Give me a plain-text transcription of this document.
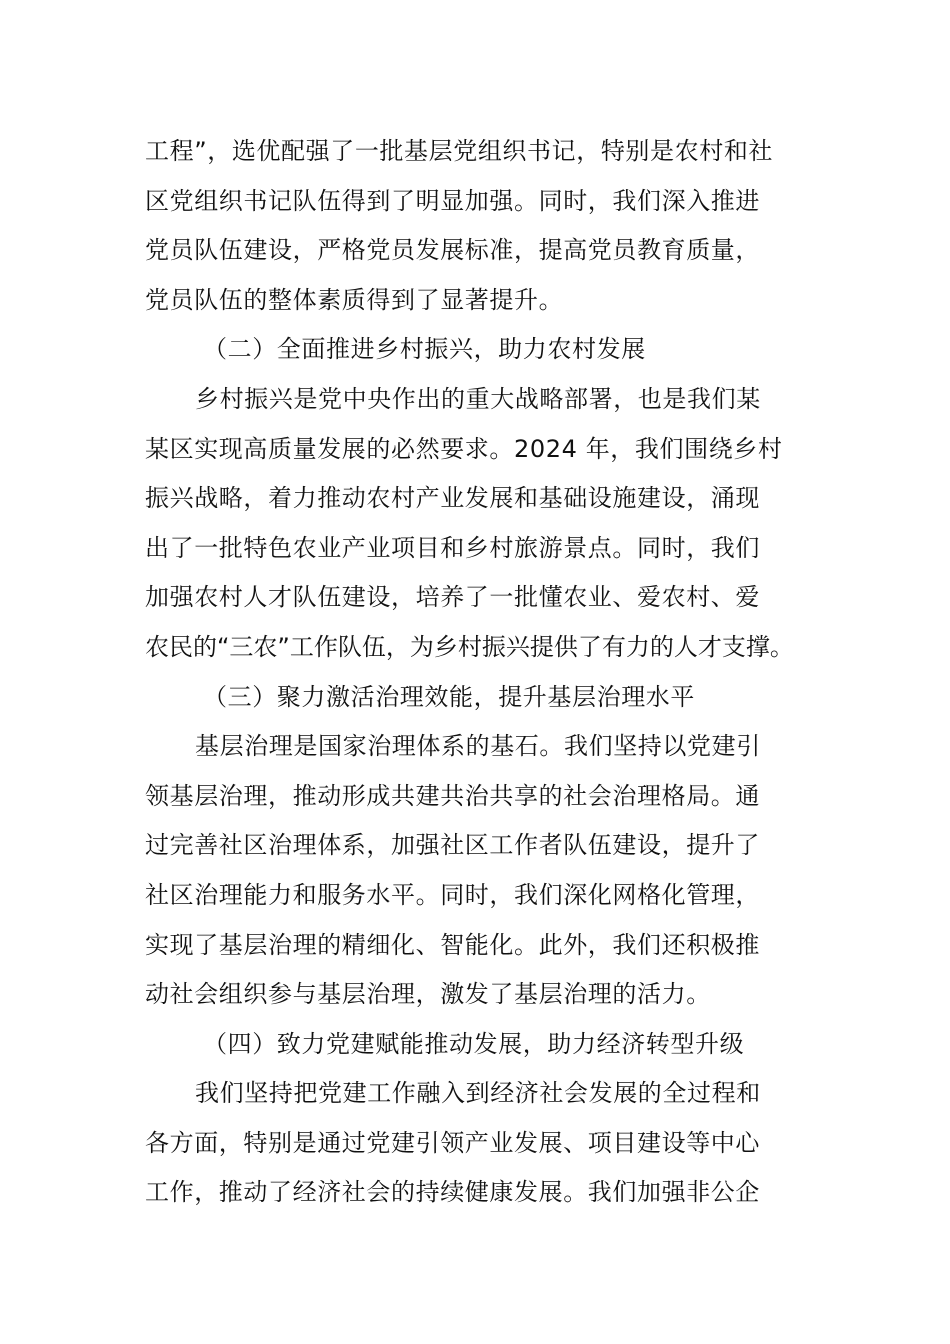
工程”，选优配强了一批基层党组织书记，特别是农村和社
区党组织书记队伍得到了明显加强。同时，我们深入推进
党员队伍建设，严格党员发展标准，提高党员教育质量，
党员队伍的整体素质得到了显著提升。
（二）全面推进乡村振兴，助力农村发展
乡村振兴是党中央作出的重大战略部署，也是我们某
某区实现高质量发展的必然要求。2024 年，我们围绕乡村
振兴战略，着力推动农村产业发展和基础设施建设，涌现
出了一批特色农业产业项目和乡村旅游景点。同时，我们
加强农村人才队伍建设，培养了一批懂农业、爱农村、爱
农民的“三农”工作队伍，为乡村振兴提供了有力的人才支撑。
（三）聚力激活治理效能，提升基层治理水平
基层治理是国家治理体系的基石。我们坚持以党建引
领基层治理，推动形成共建共治共享的社会治理格局。通
过完善社区治理体系，加强社区工作者队伍建设，提升了
社区治理能力和服务水平。同时，我们深化网格化管理，
实现了基层治理的精细化、智能化。此外，我们还积极推
动社会组织参与基层治理，激发了基层治理的活力。
（四）致力党建赋能推动发展，助力经济转型升级
我们坚持把党建工作融入到经济社会发展的全过程和
各方面，特别是通过党建引领产业发展、项目建设等中心
工作，推动了经济社会的持续健康发展。我们加强非公企
